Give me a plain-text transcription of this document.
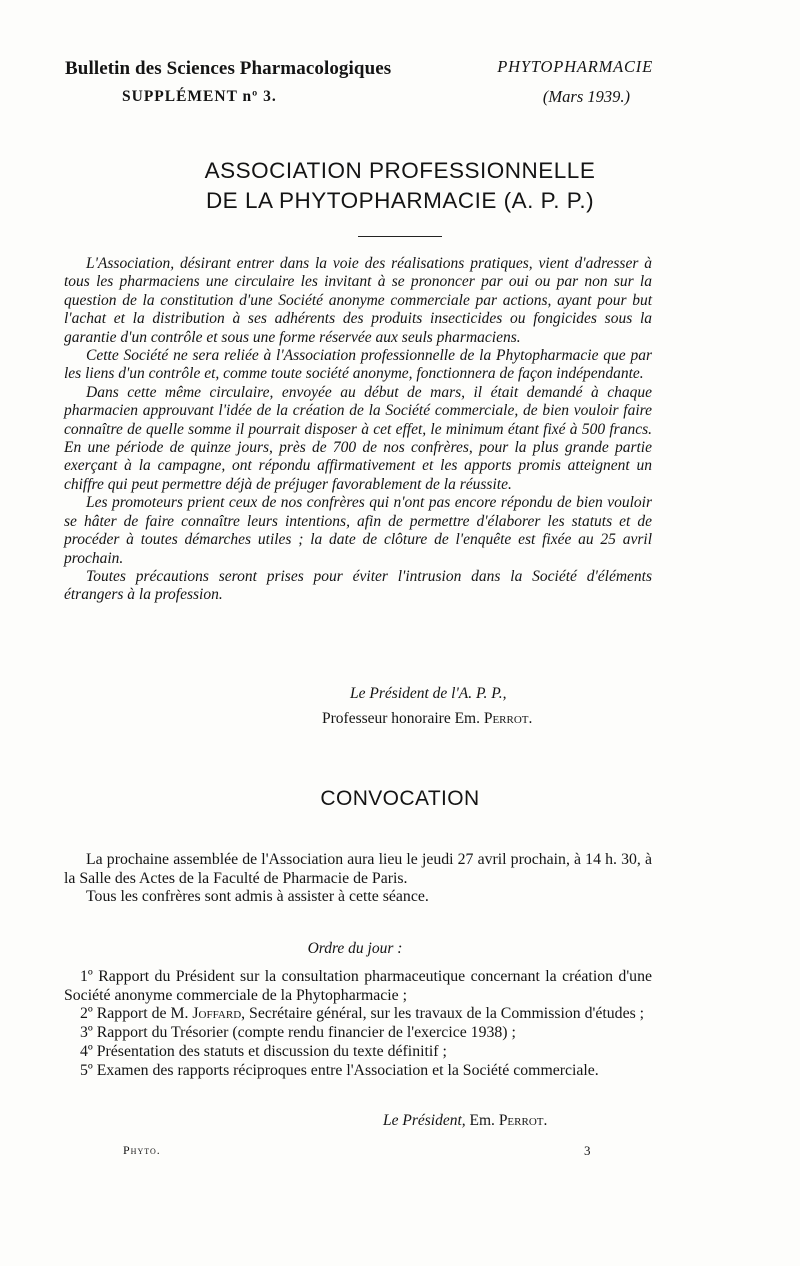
Bulletin des Sciences Pharmacologiques
SUPPLÉMENT nº 3.
PHYTOPHARMACIE
(Mars 1939.)
ASSOCIATION PROFESSIONNELLE
DE LA PHYTOPHARMACIE (A. P. P.)

L'Association, désirant entrer dans la voie des réalisations pratiques, vient d'adresser à tous les pharmaciens une circulaire les invitant à se prononcer par oui ou par non sur la question de la constitution d'une Société anonyme commerciale par actions, ayant pour but l'achat et la distribution à ses adhérents des produits insecticides ou fongicides sous la garantie d'un contrôle et sous une forme réservée aux seuls pharmaciens.

Cette Société ne sera reliée à l'Association professionnelle de la Phytopharmacie que par les liens d'un contrôle et, comme toute société anonyme, fonctionnera de façon indépendante.

Dans cette même circulaire, envoyée au début de mars, il était demandé à chaque pharmacien approuvant l'idée de la création de la Société commerciale, de bien vouloir faire connaître de quelle somme il pourrait disposer à cet effet, le minimum étant fixé à 500 francs. En une période de quinze jours, près de 700 de nos confrères, pour la plus grande partie exerçant à la campagne, ont répondu affirmativement et les apports promis atteignent un chiffre qui peut permettre déjà de préjuger favorablement de la réussite.

Les promoteurs prient ceux de nos confrères qui n'ont pas encore répondu de bien vouloir se hâter de faire connaître leurs intentions, afin de permettre d'élaborer les statuts et de procéder à toutes démarches utiles ; la date de clôture de l'enquête est fixée au 25 avril prochain.

Toutes précautions seront prises pour éviter l'intrusion dans la Société d'éléments étrangers à la profession.

Le Président de l'A. P. P.,
Professeur honoraire Em. Perrot.
CONVOCATION

La prochaine assemblée de l'Association aura lieu le jeudi 27 avril prochain, à 14 h. 30, à la Salle des Actes de la Faculté de Pharmacie de Paris.

Tous les confrères sont admis à assister à cette séance.

Ordre du jour :

1º Rapport du Président sur la consultation pharmaceutique concernant la création d'une Société anonyme commerciale de la Phytopharmacie ;

2º Rapport de M. Joffard, Secrétaire général, sur les travaux de la Commission d'études ;

3º Rapport du Trésorier (compte rendu financier de l'exercice 1938) ;

4º Présentation des statuts et discussion du texte définitif ;

5º Examen des rapports réciproques entre l'Association et la Société commerciale.

Le Président, Em. Perrot.
Phyto.	3
